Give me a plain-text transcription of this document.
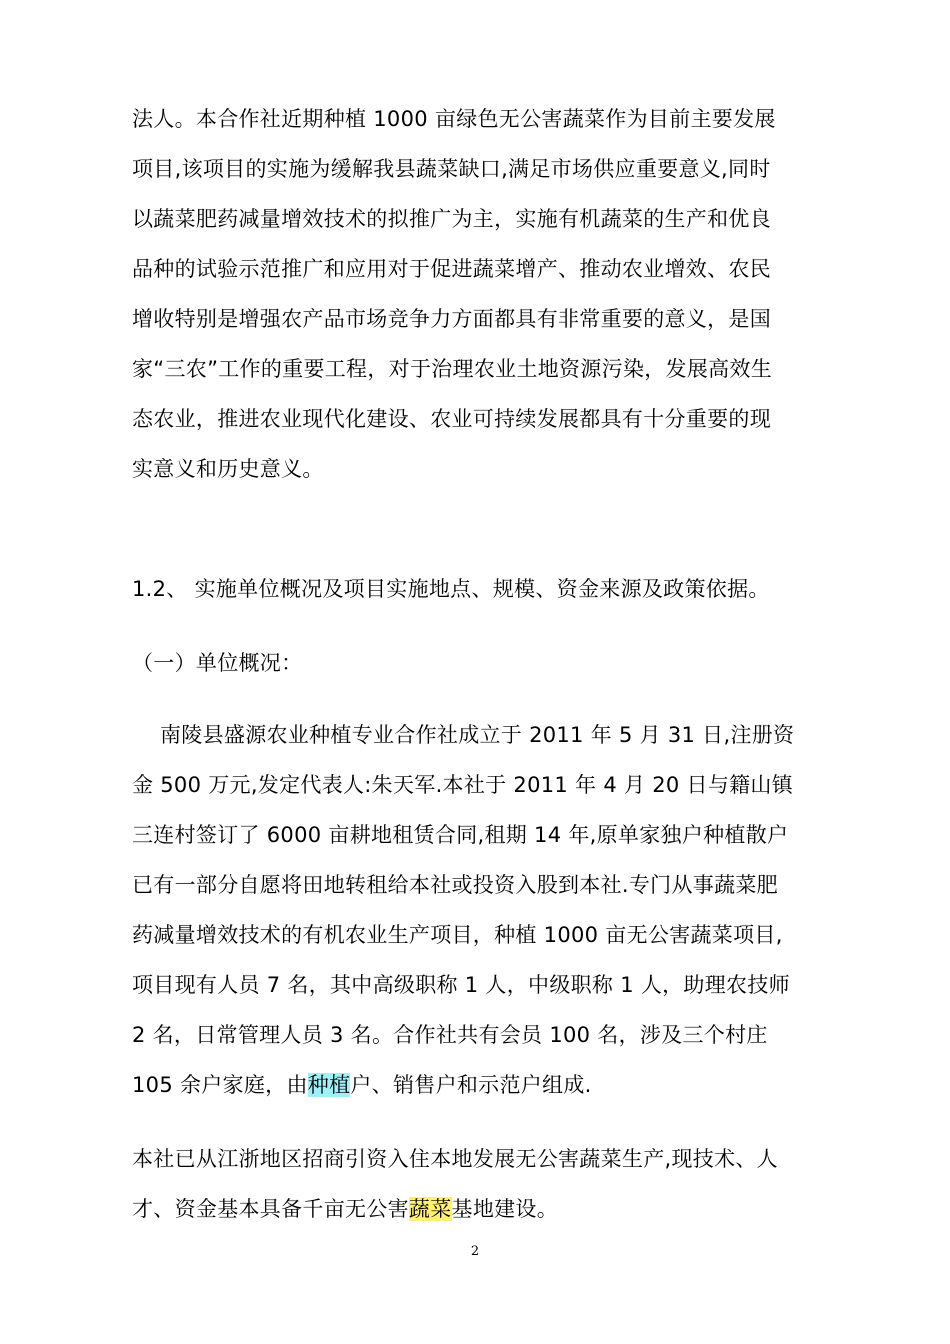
法人。本合作社近期种植 1000 亩绿色无公害蔬菜作为目前主要发展
项目,该项目的实施为缓解我县蔬菜缺口,满足市场供应重要意义,同时
以蔬菜肥药减量增效技术的拟推广为主，实施有机蔬菜的生产和优良
品种的试验示范推广和应用对于促进蔬菜增产、推动农业增效、农民
增收特别是增强农产品市场竞争力方面都具有非常重要的意义，是国
家“三农”工作的重要工程，对于治理农业土地资源污染，发展高效生
态农业，推进农业现代化建设、农业可持续发展都具有十分重要的现
实意义和历史意义。
1.2、 实施单位概况及项目实施地点、规模、资金来源及政策依据。
（一）单位概况：
南陵县盛源农业种植专业合作社成立于 2011 年 5 月 31 日,注册资
金 500 万元,发定代表人:朱天军.本社于 2011 年 4 月 20 日与籍山镇
三连村签订了 6000 亩耕地租赁合同,租期 14 年,原单家独户种植散户
已有一部分自愿将田地转租给本社或投资入股到本社.专门从事蔬菜肥
药减量增效技术的有机农业生产项目，种植 1000 亩无公害蔬菜项目,
项目现有人员 7 名，其中高级职称 1 人，中级职称 1 人，助理农技师
2 名，日常管理人员 3 名。合作社共有会员 100 名，涉及三个村庄
105 余户家庭，由种植户、销售户和示范户组成.
本社已从江浙地区招商引资入住本地发展无公害蔬菜生产,现技术、人
才、资金基本具备千亩无公害蔬菜基地建设。
2
